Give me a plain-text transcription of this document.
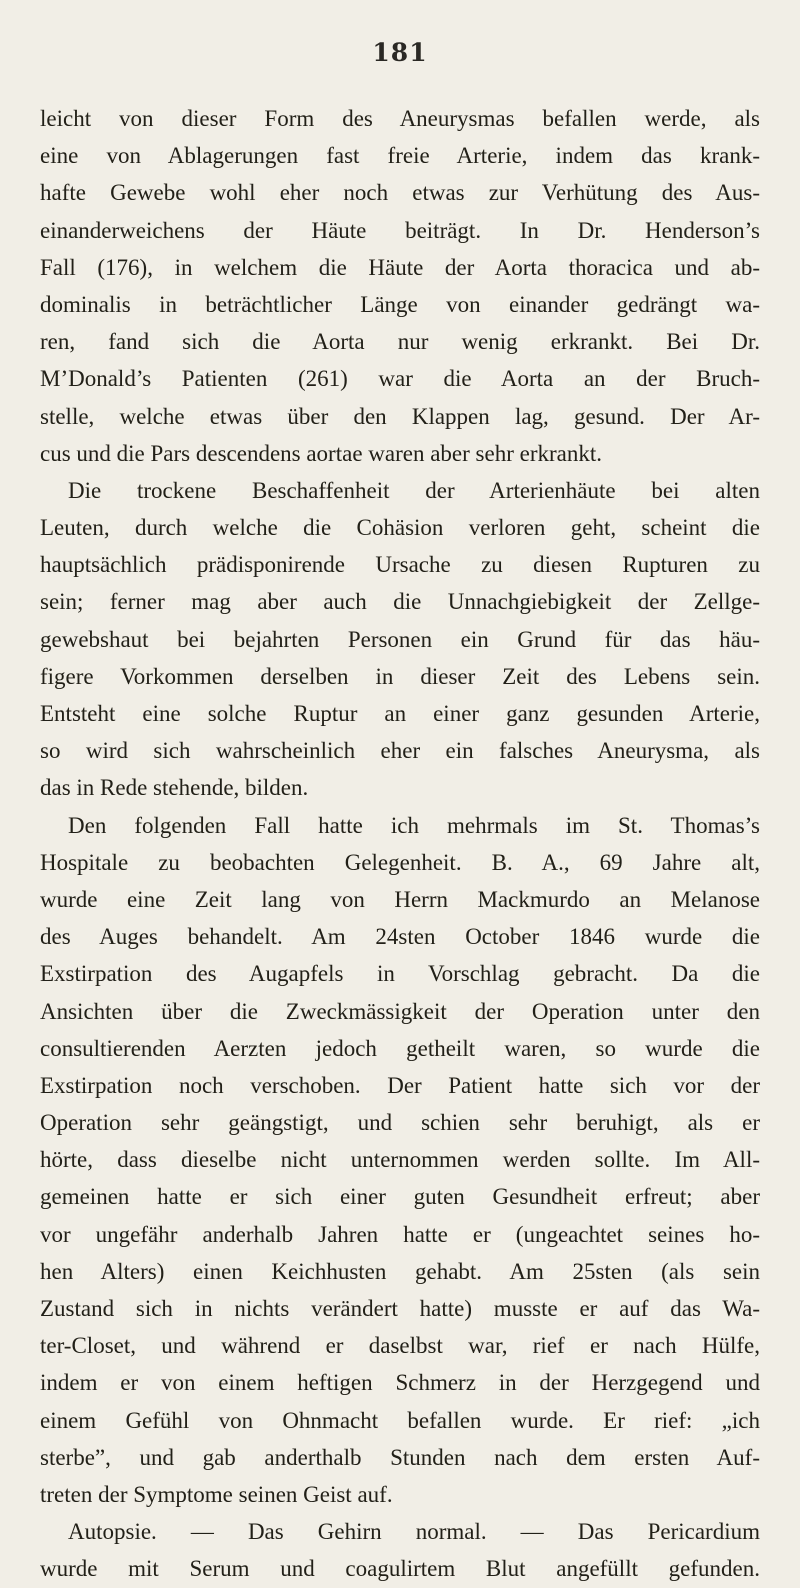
181
leicht von dieser Form des Aneurysmas befallen werde, als
eine von Ablagerungen fast freie Arterie, indem das krank-
hafte Gewebe wohl eher noch etwas zur Verhütung des Aus-
einanderweichens der Häute beiträgt. In Dr. Henderson’s
Fall (176), in welchem die Häute der Aorta thoracica und ab-
dominalis in beträchtlicher Länge von einander gedrängt wa-
ren, fand sich die Aorta nur wenig erkrankt. Bei Dr.
M’Donald’s Patienten (261) war die Aorta an der Bruch-
stelle, welche etwas über den Klappen lag, gesund. Der Ar-
cus und die Pars descendens aortae waren aber sehr erkrankt.
Die trockene Beschaffenheit der Arterienhäute bei alten
Leuten, durch welche die Cohäsion verloren geht, scheint die
hauptsächlich prädisponirende Ursache zu diesen Rupturen zu
sein; ferner mag aber auch die Unnachgiebigkeit der Zellge-
gewebshaut bei bejahrten Personen ein Grund für das häu-
figere Vorkommen derselben in dieser Zeit des Lebens sein.
Entsteht eine solche Ruptur an einer ganz gesunden Arterie,
so wird sich wahrscheinlich eher ein falsches Aneurysma, als
das in Rede stehende, bilden.
Den folgenden Fall hatte ich mehrmals im St. Thomas’s
Hospitale zu beobachten Gelegenheit. B. A., 69 Jahre alt,
wurde eine Zeit lang von Herrn Mackmurdo an Melanose
des Auges behandelt. Am 24sten October 1846 wurde die
Exstirpation des Augapfels in Vorschlag gebracht. Da die
Ansichten über die Zweckmässigkeit der Operation unter den
consultierenden Aerzten jedoch getheilt waren, so wurde die
Exstirpation noch verschoben. Der Patient hatte sich vor der
Operation sehr geängstigt, und schien sehr beruhigt, als er
hörte, dass dieselbe nicht unternommen werden sollte. Im All-
gemeinen hatte er sich einer guten Gesundheit erfreut; aber
vor ungefähr anderhalb Jahren hatte er (ungeachtet seines ho-
hen Alters) einen Keichhusten gehabt. Am 25sten (als sein
Zustand sich in nichts verändert hatte) musste er auf das Wa-
ter-Closet, und während er daselbst war, rief er nach Hülfe,
indem er von einem heftigen Schmerz in der Herzgegend und
einem Gefühl von Ohnmacht befallen wurde. Er rief: „ich
sterbe”, und gab anderthalb Stunden nach dem ersten Auf-
treten der Symptome seinen Geist auf.
Autopsie. — Das Gehirn normal. — Das Pericardium
wurde mit Serum und coagulirtem Blut angefüllt gefunden.
